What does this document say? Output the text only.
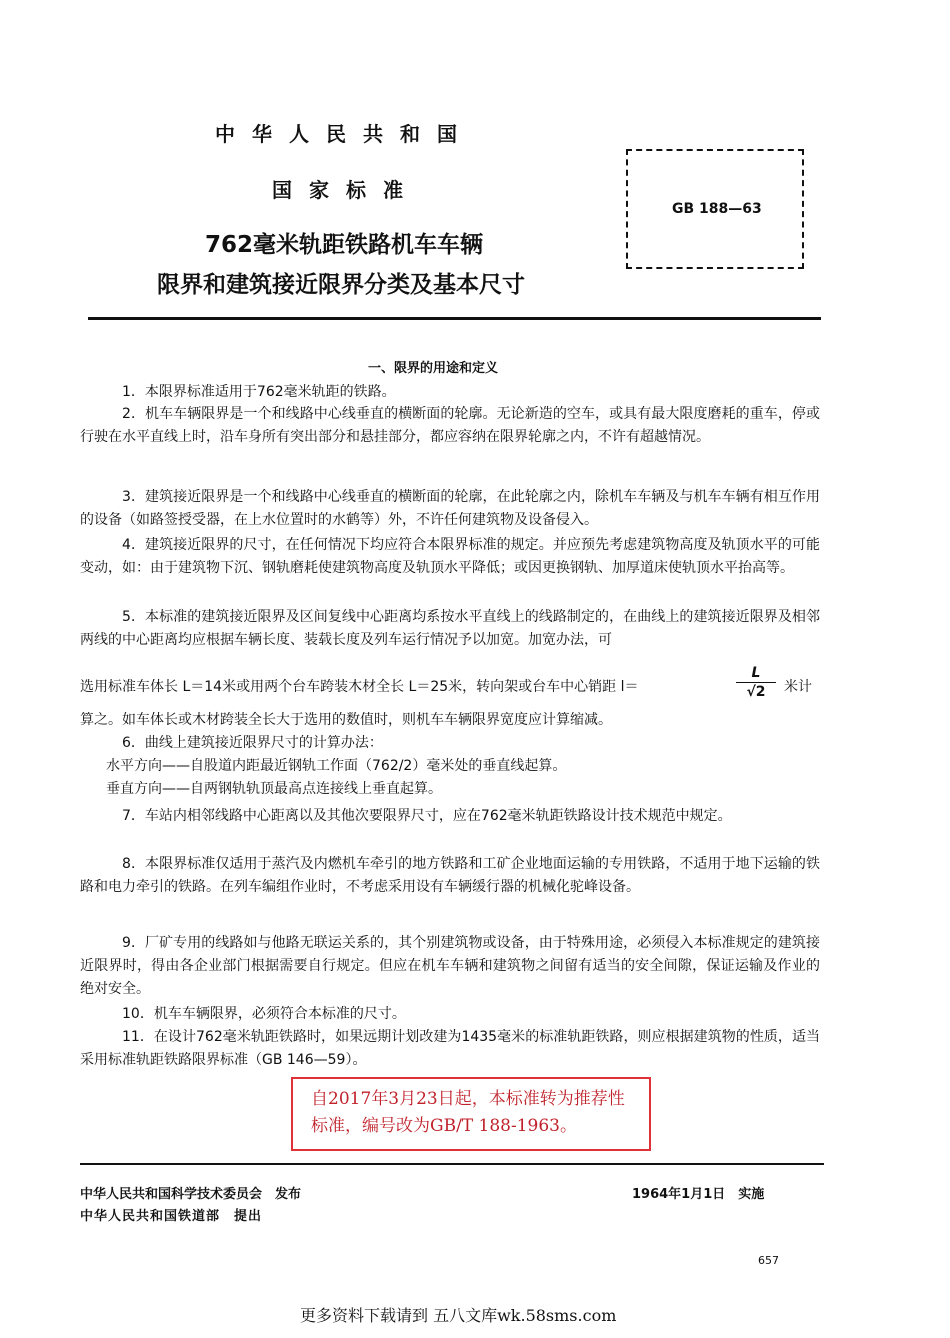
中华人民共和国
国家标准
762毫米轨距铁路机车车辆
限界和建筑接近限界分类及基本尺寸
GB 188—63
一、限界的用途和定义

1．本限界标准适用于762毫米轨距的铁路。

2．机车车辆限界是一个和线路中心线垂直的横断面的轮廓。无论新造的空车，或具有最大限度磨耗的重车，停或行驶在水平直线上时，沿车身所有突出部分和悬挂部分，都应容纳在限界轮廓之内，不许有超越情况。

3．建筑接近限界是一个和线路中心线垂直的横断面的轮廓，在此轮廓之内，除机车车辆及与机车车辆有相互作用的设备（如路签授受器，在上水位置时的水鹤等）外，不许任何建筑物及设备侵入。

4．建筑接近限界的尺寸，在任何情况下均应符合本限界标准的规定。并应预先考虑建筑物高度及轨顶水平的可能变动，如：由于建筑物下沉、钢轨磨耗使建筑物高度及轨顶水平降低；或因更换钢轨、加厚道床使轨顶水平抬高等。

5．本标准的建筑接近限界及区间复线中心距离均系按水平直线上的线路制定的，在曲线上的建筑接近限界及相邻两线的中心距离均应根据车辆长度、装载长度及列车运行情况予以加宽。加宽办法，可

选用标准车体长 L＝14米或用两个台车跨装木材全长 L＝25米，转向架或台车中心销距 l＝	米计
$\frac{L}{√2}$

算之。如车体长或木材跨装全长大于选用的数值时，则机车车辆限界宽度应计算缩减。

6．曲线上建筑接近限界尺寸的计算办法：

水平方向——自股道内距最近钢轨工作面（762/2）毫米处的垂直线起算。

垂直方向——自两钢轨轨顶最高点连接线上垂直起算。

7．车站内相邻线路中心距离以及其他次要限界尺寸，应在762毫米轨距铁路设计技术规范中规定。

8．本限界标准仅适用于蒸汽及内燃机车牵引的地方铁路和工矿企业地面运输的专用铁路，不适用于地下运输的铁路和电力牵引的铁路。在列车编组作业时，不考虑采用设有车辆缓行器的机械化驼峰设备。

9．厂矿专用的线路如与他路无联运关系的，其个别建筑物或设备，由于特殊用途，必须侵入本标准规定的建筑接近限界时，得由各企业部门根据需要自行规定。但应在机车车辆和建筑物之间留有适当的安全间隙，保证运输及作业的绝对安全。

10．机车车辆限界，必须符合本标准的尺寸。

11．在设计762毫米轨距铁路时，如果远期计划改建为1435毫米的标准轨距铁路，则应根据建筑物的性质，适当采用标准轨距铁路限界标准（GB 146—59）。

自2017年3月23日起，本标准转为推荐性标准，编号改为GB/T 188-1963。
中华人民共和国科学技术委员会　发布
中华人民共和国铁道部　提出
1964年1月1日　实施
657
更多资料下载请到 五八文库wk.58sms.com
